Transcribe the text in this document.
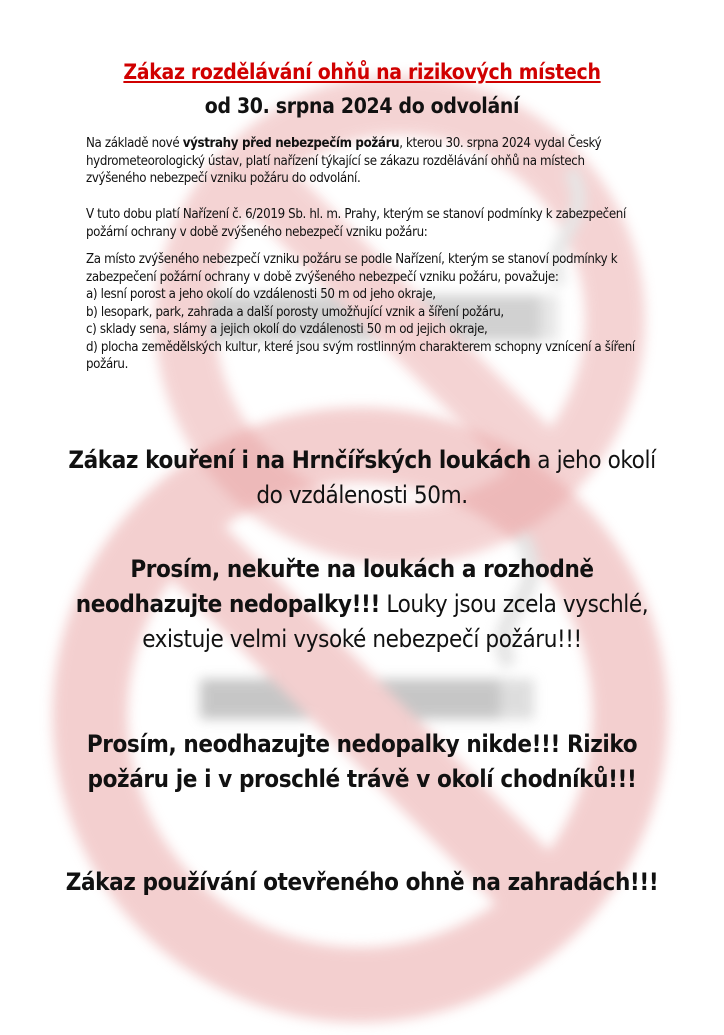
Zákaz rozdělávání ohňů na rizikových místech
od 30. srpna 2024 do odvolání
Na základě nové výstrahy před nebezpečím požáru, kterou 30. srpna 2024 vydal Český hydrometeorologický ústav, platí nařízení týkající se zákazu rozdělávání ohňů na místech zvýšeného nebezpečí vzniku požáru do odvolání.
V tuto dobu platí Nařízení č. 6/2019 Sb. hl. m. Prahy, kterým se stanoví podmínky k zabezpečení požární ochrany v době zvýšeného nebezpečí vzniku požáru:
Za místo zvýšeného nebezpečí vzniku požáru se podle Nařízení, kterým se stanoví podmínky k zabezpečení požární ochrany v době zvýšeného nebezpečí vzniku požáru, považuje:
a) lesní porost a jeho okolí do vzdálenosti 50 m od jeho okraje,
b) lesopark, park, zahrada a další porosty umožňující vznik a šíření požáru,
c) sklady sena, slámy a jejich okolí do vzdálenosti 50 m od jejich okraje,
d) plocha zemědělských kultur, které jsou svým rostlinným charakterem schopny vznícení a šíření požáru.
Zákaz kouření i na Hrnčířských loukách a jeho okolí do vzdálenosti 50m.
Prosím, nekuřte na loukách a rozhodně neodhazujte nedopalky!!! Louky jsou zcela vyschlé, existuje velmi vysoké nebezpečí požáru!!!
Prosím, neodhazujte nedopalky nikde!!! Riziko požáru je i v proschlé trávě v okolí chodníků!!!
Zákaz používání otevřeného ohně na zahradách!!!
